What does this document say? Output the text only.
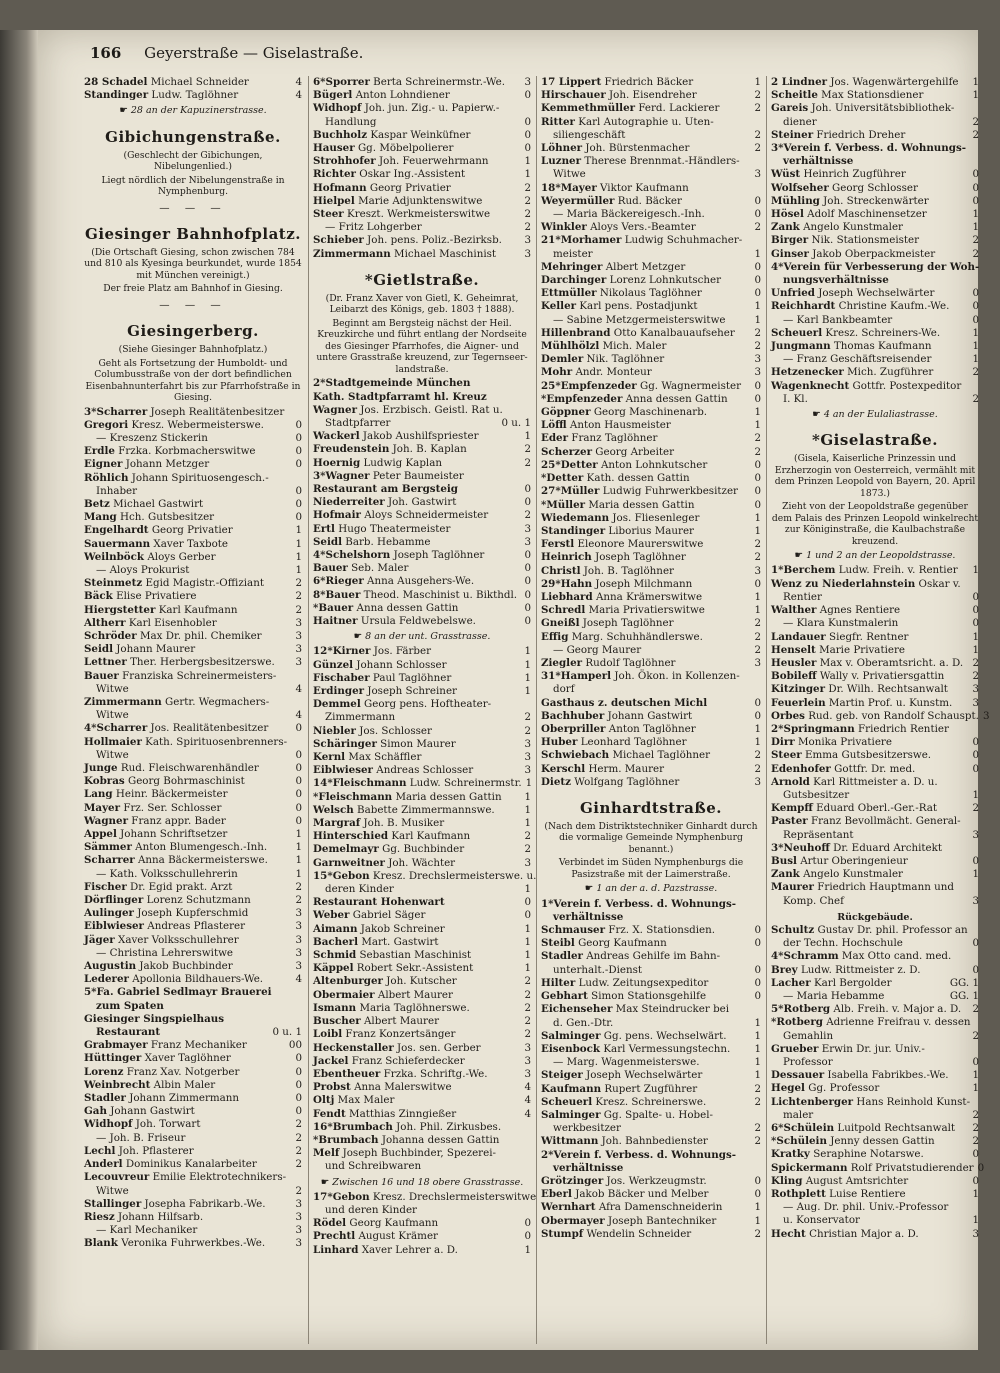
166 Geyerstraße — Giselastraße.
28 Schadel Michael Schneider	4
Standinger Ludw. Taglöhner	4
☛ 28 an der Kapuzinerstrasse.
Gibichungenstraße.
(Geschlecht der Gibichungen, Nibelungenlied.)
Liegt nördlich der Nibelungenstraße in Nymphenburg.
— — —
Giesinger Bahnhofplatz.
(Die Ortschaft Giesing, schon zwischen 784 und 810 als Kyesinga beurkundet, wurde 1854 mit München vereinigt.)
Der freie Platz am Bahnhof in Giesing.
— — —
Giesingerberg.
(Siehe Giesinger Bahnhofplatz.)
Geht als Fortsetzung der Humboldt- und Columbusstraße von der dort befindlichen Eisenbahnunterfahrt bis zur Pfarrhofstraße in Giesing.
3*Scharrer Joseph Realitätenbesitzer
Gregori Kresz. Webermeisterswe.	0
— Kreszenz Stickerin	0
Erdle Frzka. Korbmacherswitwe	0
Eigner Johann Metzger	0
Röhlich Johann Spirituosengesch.-
Inhaber	0
Betz Michael Gastwirt	0
Mang Hch. Gutsbesitzer	0
Engelhardt Georg Privatier	1
Sauermann Xaver Taxbote	1
Weilnböck Aloys Gerber	1
— Aloys Prokurist	1
Steinmetz Egid Magistr.-Offiziant	2
Bäck Elise Privatiere	2
Hiergstetter Karl Kaufmann	2
Altherr Karl Eisenhobler	3
Schröder Max Dr. phil. Chemiker	3
Seidl Johann Maurer	3
Lettner Ther. Herbergsbesitzerswe.	3
Bauer Franziska Schreinermeisters-
Witwe	4
Zimmermann Gertr. Wegmachers-
Witwe	4
4*Scharrer Jos. Realitätenbesitzer	0
Hollmaier Kath. Spirituosenbrenners-
Witwe	0
Junge Rud. Fleischwarenhändler	0
Kobras Georg Bohrmaschinist	0
Lang Heinr. Bäckermeister	0
Mayer Frz. Ser. Schlosser	0
Wagner Franz appr. Bader	0
Appel Johann Schriftsetzer	1
Sämmer Anton Blumengesch.-Inh.	1
Scharrer Anna Bäckermeisterswe.	1
— Kath. Volksschullehrerin	1
Fischer Dr. Egid prakt. Arzt	2
Dörflinger Lorenz Schutzmann	2
Aulinger Joseph Kupferschmid	3
Eiblwieser Andreas Pflasterer	3
Jäger Xaver Volksschullehrer	3
— Christina Lehrerswitwe	3
Augustin Jakob Buchbinder	3
Lederer Apollonia Bildhauers-We.	4
5*Fa. Gabriel Sedlmayr Brauerei
zum Spaten
Giesinger Singspielhaus
Restaurant	0 u. 1
Grabmayer Franz Mechaniker	00
Hüttinger Xaver Taglöhner	0
Lorenz Franz Xav. Notgerber	0
Weinbrecht Albin Maler	0
Stadler Johann Zimmermann	0
Gah Johann Gastwirt	0
Widhopf Joh. Torwart	2
— Joh. B. Friseur	2
Lechl Joh. Pflasterer	2
Anderl Dominikus Kanalarbeiter	2
Lecouvreur Emilie Elektrotechnikers-
Witwe	2
Stallinger Josepha Fabrikarb.-We.	3
Riesz Johann Hilfsarb.	3
— Karl Mechaniker	3
Blank Veronika Fuhrwerkbes.-We.	3
6*Sporrer Berta Schreinermstr.-We.	3
Bügerl Anton Lohndiener	0
Widhopf Joh. jun. Zig.- u. Papierw.-
Handlung	0
Buchholz Kaspar Weinküfner	0
Hauser Gg. Möbelpolierer	0
Strohhofer Joh. Feuerwehrmann	1
Richter Oskar Ing.-Assistent	1
Hofmann Georg Privatier	2
Hielpel Marie Adjunktenswitwe	2
Steer Kreszt. Werkmeisterswitwe	2
— Fritz Lohgerber	2
Schieber Joh. pens. Poliz.-Bezirksb.	3
Zimmermann Michael Maschinist	3
*Gietlstraße.
(Dr. Franz Xaver von Gietl, K. Geheimrat, Leibarzt des Königs, geb. 1803 † 1888).
Beginnt am Bergsteig nächst der Heil. Kreuzkirche und führt entlang der Nordseite des Giesinger Pfarrhofes, die Aigner- und untere Grasstraße kreuzend, zur Tegernseer-landstraße.
2*Stadtgemeinde München
Kath. Stadtpfarramt hl. Kreuz
Wagner Jos. Erzbisch. Geistl. Rat u.
Stadtpfarrer	0 u. 1
Wackerl Jakob Aushilfspriester	1
Freudenstein Joh. B. Kaplan	2
Hoernig Ludwig Kaplan	2
3*Wagner Peter Baumeister
Restaurant am Bergsteig	0
Niederreiter Joh. Gastwirt	0
Hofmair Aloys Schneidermeister	2
Ertl Hugo Theatermeister	3
Seidl Barb. Hebamme	3
4*Schelshorn Joseph Taglöhner	0
Bauer Seb. Maler	0
6*Rieger Anna Ausgehers-We.	0
8*Bauer Theod. Maschinist u. Bikthdl. 0
*Bauer Anna dessen Gattin	0
Haitner Ursula Feldwebelswe.	0
☛ 8 an der unt. Grasstrasse.
12*Kirner Jos. Färber	1
Günzel Johann Schlosser	1
Fischaber Paul Taglöhner	1
Erdinger Joseph Schreiner	1
Demmel Georg pens. Hoftheater-
Zimmermann	2
Niebler Jos. Schlosser	2
Schäringer Simon Maurer	3
Kernl Max Schäffler	3
Eiblwieser Andreas Schlosser	3
14*Fleischmann Ludw. Schreinermstr. 1
*Fleischmann Maria dessen Gattin	1
Welsch Babette Zimmermannswe.	1
Margraf Joh. B. Musiker	1
Hinterschied Karl Kaufmann	2
Demelmayr Gg. Buchbinder	2
Garnweitner Joh. Wächter	3
15*Gebon Kresz. Drechslermeisterswe. u.
deren Kinder	1
Restaurant Hohenwart	0
Weber Gabriel Säger	0
Aimann Jakob Schreiner	1
Bacherl Mart. Gastwirt	1
Schmid Sebastian Maschinist	1
Käppel Robert Sekr.-Assistent	1
Altenburger Joh. Kutscher	2
Obermaier Albert Maurer	2
Ismann Maria Taglöhnerswe.	2
Buscher Albert Maurer	2
Loibl Franz Konzertsänger	2
Heckenstaller Jos. sen. Gerber	3
Jackel Franz Schieferdecker	3
Ebentheuer Frzka. Schriftg.-We.	3
Probst Anna Malerswitwe	4
Oltj Max Maler	4
Fendt Matthias Zinngießer	4
16*Brumbach Joh. Phil. Zirkusbes.
*Brumbach Johanna dessen Gattin
Melf Joseph Buchbinder, Spezerei-
und Schreibwaren
☛ Zwischen 16 und 18 obere Grasstrasse.
17*Gebon Kresz. Drechslermeisterswitwe
und deren Kinder
Rödel Georg Kaufmann	0
Prechtl August Krämer	0
Linhard Xaver Lehrer a. D.	1
17 Lippert Friedrich Bäcker	1
Hirschauer Joh. Eisendreher	2
Kemmethmüller Ferd. Lackierer	2
Ritter Karl Autographie u. Uten-
siliengeschäft	2
Löhner Joh. Bürstenmacher	2
Luzner Therese Brennmat.-Händlers-
Witwe	3
18*Mayer Viktor Kaufmann
Weyermüller Rud. Bäcker	0
— Maria Bäckereigesch.-Inh.	0
Winkler Aloys Vers.-Beamter	2
21*Morhamer Ludwig Schuhmacher-
meister	1
Mehringer Albert Metzger	0
Darchinger Lorenz Lohnkutscher	0
Ettmüller Nikolaus Taglöhner	0
Keller Karl pens. Postadjunkt	1
— Sabine Metzgermeisterswitwe	1
Hillenbrand Otto Kanalbauaufseher	2
Mühlhölzl Mich. Maler	2
Demler Nik. Taglöhner	3
Mohr Andr. Monteur	3
25*Empfenzeder Gg. Wagnermeister	0
*Empfenzeder Anna dessen Gattin	0
Göppner Georg Maschinenarb.	1
Löffl Anton Hausmeister	1
Eder Franz Taglöhner	2
Scherzer Georg Arbeiter	2
25*Detter Anton Lohnkutscher	0
*Detter Kath. dessen Gattin	0
27*Müller Ludwig Fuhrwerkbesitzer	0
*Müller Maria dessen Gattin	0
Wiedemann Jos. Fliesenleger	1
Standinger Liborius Maurer	1
Ferstl Eleonore Maurerswitwe	2
Heinrich Joseph Taglöhner	2
Christl Joh. B. Taglöhner	3
29*Hahn Joseph Milchmann	0
Liebhard Anna Krämerswitwe	1
Schredl Maria Privatierswitwe	1
Gneißl Joseph Taglöhner	2
Effig Marg. Schuhhändlerswe.	2
— Georg Maurer	2
Ziegler Rudolf Taglöhner	3
31*Hamperl Joh. Ökon. in Kollenzen-
dorf
Gasthaus z. deutschen Michl	0
Bachhuber Johann Gastwirt	0
Oberpriller Anton Taglöhner	1
Huber Leonhard Taglöhner	1
Schwiebach Michael Taglöhner	2
Kerschl Herm. Maurer	2
Dietz Wolfgang Taglöhner	3
Ginhardtstraße.
(Nach dem Distriktstechniker Ginhardt durch die vormalige Gemeinde Nymphenburg benannt.)
Verbindet im Süden Nymphenburgs die Pasizstraße mit der Laimerstraße.
☛ 1 an der a. d. Pazstrasse.
1*Verein f. Verbess. d. Wohnungs-
verhältnisse
Schmauser Frz. X. Stationsdien.	0
Steibl Georg Kaufmann	0
Stadler Andreas Gehilfe im Bahn-
unterhalt.-Dienst	0
Hilter Ludw. Zeitungsexpeditor	0
Gebhart Simon Stationsgehilfe	0
Eichenseher Max Steindrucker bei
d. Gen.-Dtr.	1
Salminger Gg. pens. Wechselwärt.	1
Eisenbock Karl Vermessungstechn.	1
— Marg. Wagenmeisterswe.	1
Steiger Joseph Wechselwärter	1
Kaufmann Rupert Zugführer	2
Scheuerl Kresz. Schreinerswe.	2
Salminger Gg. Spalte- u. Hobel-
werkbesitzer	2
Wittmann Joh. Bahnbedienster	2
2*Verein f. Verbess. d. Wohnungs-
verhältnisse
Grötzinger Jos. Werkzeugmstr.	0
Eberl Jakob Bäcker und Melber	0
Wernhart Afra Damenschneiderin	1
Obermayer Joseph Bantechniker	1
Stumpf Wendelin Schneider	2
2 Lindner Jos. Wagenwärtergehilfe	1
Scheitle Max Stationsdiener	1
Gareis Joh. Universitätsbibliothek-
diener	2
Steiner Friedrich Dreher	2
3*Verein f. Verbess. d. Wohnungs-
verhältnisse
Wüst Heinrich Zugführer	0
Wolfseher Georg Schlosser	0
Mühling Joh. Streckenwärter	0
Hösel Adolf Maschinensetzer	1
Zank Angelo Kunstmaler	1
Birger Nik. Stationsmeister	2
Ginser Jakob Oberpackmeister	2
4*Verein für Verbesserung der Woh-
nungsverhältnisse
Unfried Joseph Wechselwärter	0
Reichhardt Christine Kaufm.-We.	0
— Karl Bankbeamter	0
Scheuerl Kresz. Schreiners-We.	1
Jungmann Thomas Kaufmann	1
— Franz Geschäftsreisender	1
Hetzenecker Mich. Zugführer	2
Wagenknecht Gottfr. Postexpeditor
I. Kl.	2
☛ 4 an der Eulaliastrasse.
*Giselastraße.
(Gisela, Kaiserliche Prinzessin und Erzherzogin von Oesterreich, vermählt mit dem Prinzen Leopold von Bayern, 20. April 1873.)
Zieht von der Leopoldstraße gegenüber dem Palais des Prinzen Leopold winkelrecht zur Königinstraße, die Kaulbachstraße kreuzend.
☛ 1 und 2 an der Leopoldstrasse.
1*Berchem Ludw. Freih. v. Rentier	1
Wenz zu Niederlahnstein Oskar v.
Rentier	0
Walther Agnes Rentiere	0
— Klara Kunstmalerin	0
Landauer Siegfr. Rentner	1
Henselt Marie Privatiere	1
Heusler Max v. Oberamtsricht. a. D. 2
Bobileff Wally v. Privatiersgattin	2
Kitzinger Dr. Wilh. Rechtsanwalt	3
Feuerlein Martin Prof. u. Kunstm.	3
Orbes Rud. geb. von Randolf Schauspt. 3
2*Springmann Friedrich Rentier
Dirr Monika Privatiere	0
Steer Emma Gutsbesitzerswe.	0
Edenhofer Gottfr. Dr. med.	0
Arnold Karl Rittmeister a. D. u.
Gutsbesitzer	1
Kempff Eduard Oberl.-Ger.-Rat	2
Paster Franz Bevollmächt. General-
Repräsentant	3
3*Neuhoff Dr. Eduard Architekt
Busl Artur Oberingenieur	0
Zank Angelo Kunstmaler	1
Maurer Friedrich Hauptmann und
Komp. Chef	3
Rückgebäude.
Schultz Gustav Dr. phil. Professor an
der Techn. Hochschule	0
4*Schramm Max Otto cand. med.
Brey Ludw. Rittmeister z. D.	0
Lacher Karl Bergolder	GG. 1
— Maria Hebamme	GG. 1
5*Rotberg Alb. Freih. v. Major a. D.	2
*Rotberg Adrienne Freifrau v. dessen
Gemahlin	2
Grueber Erwin Dr. jur. Univ.-
Professor	0
Dessauer Isabella Fabrikbes.-We.	1
Hegel Gg. Professor	1
Lichtenberger Hans Reinhold Kunst-
maler	2
6*Schülein Luitpold Rechtsanwalt	2
*Schülein Jenny dessen Gattin	2
Kratky Seraphine Notarswe.	0
Spickermann Rolf Privatstudierender 0
Kling August Amtsrichter	0
Rothplett Luise Rentiere	1
— Aug. Dr. phil. Univ.-Professor
u. Konservator	1
Hecht Christian Major a. D.	3
